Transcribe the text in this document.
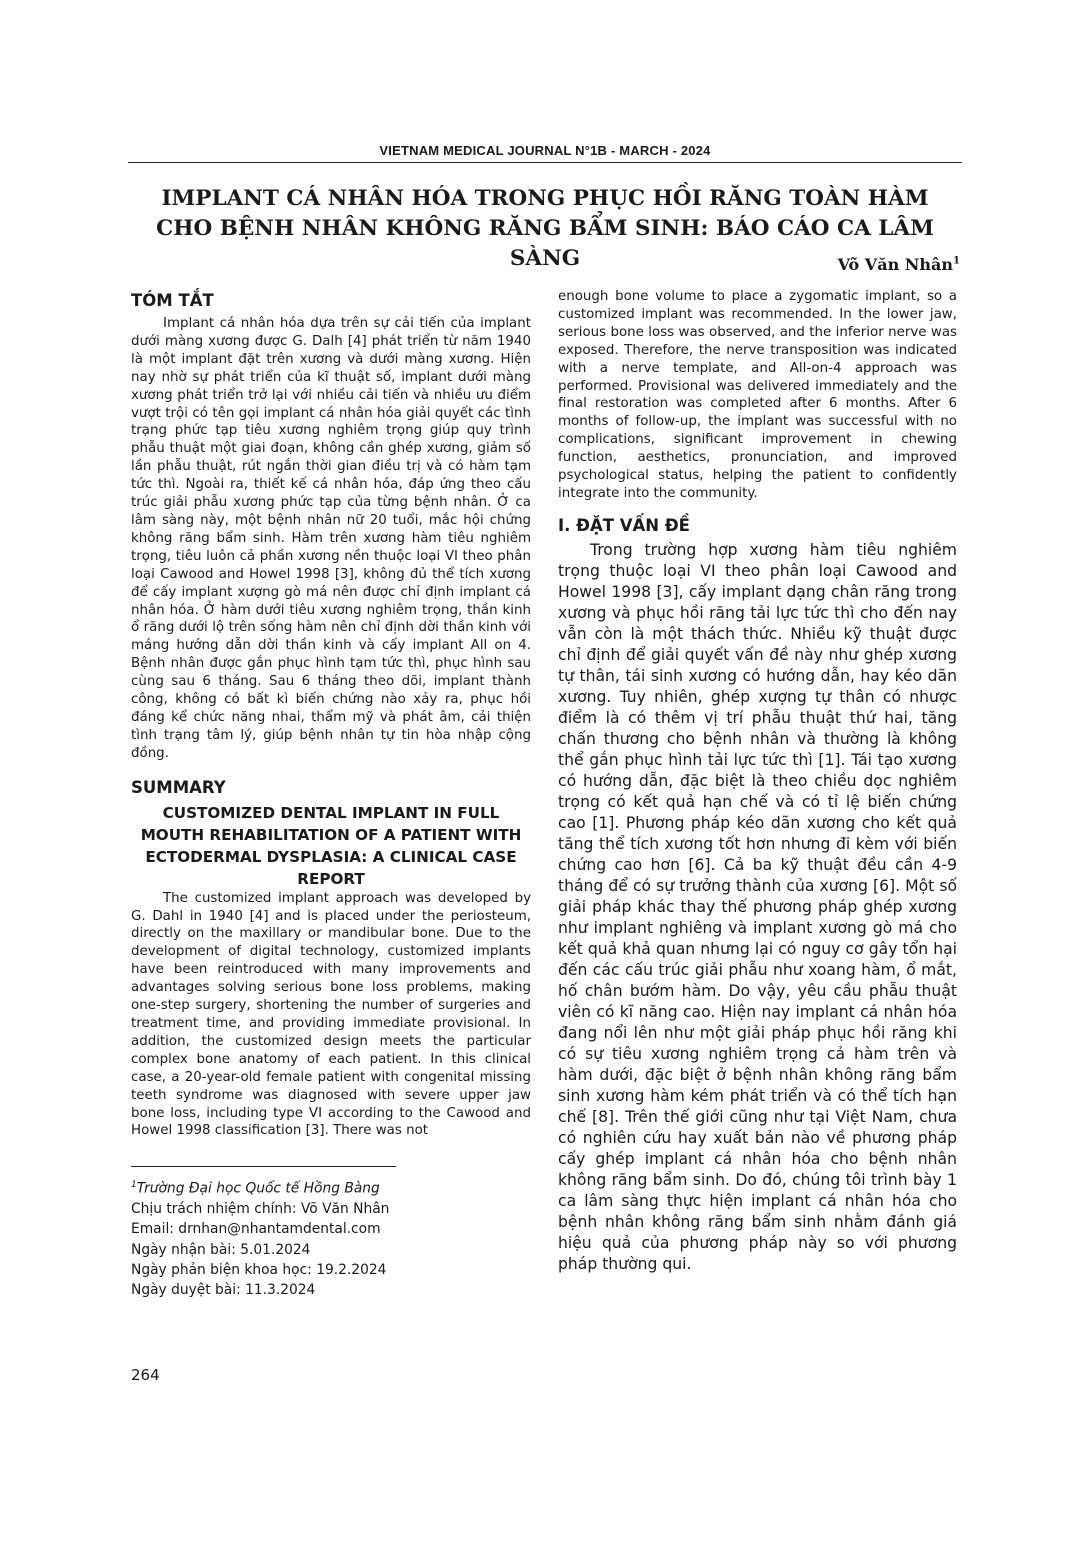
VIETNAM MEDICAL JOURNAL N°1B - MARCH - 2024
IMPLANT CÁ NHÂN HÓA TRONG PHỤC HỒI RĂNG TOÀN HÀM
CHO BỆNH NHÂN KHÔNG RĂNG BẨM SINH: BÁO CÁO CA LÂM SÀNG	Võ Văn Nhân$^1$
TÓM TẮT

Implant cá nhân hóa dựa trên sự cải tiến của implant dưới màng xương được G. Dalh [4] phát triển từ năm 1940 là một implant đặt trên xương và dưới màng xương. Hiện nay nhờ sự phát triển của kĩ thuật số, implant dưới màng xương phát triển trở lại với nhiều cải tiến và nhiều ưu điểm vượt trội có tên gọi implant cá nhân hóa giải quyết các tình trạng phức tạp tiêu xương nghiêm trọng giúp quy trình phẫu thuật một giai đoạn, không cần ghép xương, giảm số lần phẫu thuật, rút ngắn thời gian điều trị và có hàm tạm tức thì. Ngoài ra, thiết kế cá nhân hóa, đáp ứng theo cấu trúc giải phẫu xương phức tạp của từng bệnh nhân. Ở ca lâm sàng này, một bệnh nhân nữ 20 tuổi, mắc hội chứng không răng bẩm sinh. Hàm trên xương hàm tiêu nghiêm trọng, tiêu luôn cả phần xương nền thuộc loại VI theo phân loại Cawood and Howel 1998 [3], không đủ thể tích xương để cấy implant xượng gò má nên được chỉ định implant cá nhân hóa. Ở hàm dưới tiêu xương nghiêm trọng, thần kinh ổ răng dưới lộ trên sống hàm nên chỉ định dời thần kinh với máng hướng dẫn dời thần kinh và cấy implant All on 4. Bệnh nhân được gắn phục hình tạm tức thì, phục hình sau cùng sau 6 tháng. Sau 6 tháng theo dõi, implant thành công, không có bất kì biến chứng nào xảy ra, phục hồi đáng kể chức năng nhai, thẩm mỹ và phát âm, cải thiện tình trạng tâm lý, giúp bệnh nhân tự tin hòa nhập cộng đồng.

SUMMARY

CUSTOMIZED DENTAL IMPLANT IN FULL MOUTH REHABILITATION OF A PATIENT WITH ECTODERMAL DYSPLASIA: A CLINICAL CASE REPORT

The customized implant approach was developed by G. Dahl in 1940 [4] and is placed under the periosteum, directly on the maxillary or mandibular bone. Due to the development of digital technology, customized implants have been reintroduced with many improvements and advantages solving serious bone loss problems, making one-step surgery, shortening the number of surgeries and treatment time, and providing immediate provisional. In addition, the customized design meets the particular complex bone anatomy of each patient. In this clinical case, a 20-year-old female patient with congenital missing teeth syndrome was diagnosed with severe upper jaw bone loss, including type VI according to the Cawood and Howel 1998 classification [3]. There was not

$^1$Trường Đại học Quốc tế Hồng Bàng

Chịu trách nhiệm chính: Võ Văn Nhân

Email: drnhan@nhantamdental.com

Ngày nhận bài: 5.01.2024

Ngày phản biện khoa học: 19.2.2024

Ngày duyệt bài: 11.3.2024

enough bone volume to place a zygomatic implant, so a customized implant was recommended. In the lower jaw, serious bone loss was observed, and the inferior nerve was exposed. Therefore, the nerve transposition was indicated with a nerve template, and All-on-4 approach was performed. Provisional was delivered immediately and the final restoration was completed after 6 months. After 6 months of follow-up, the implant was successful with no complications, significant improvement in chewing function, aesthetics, pronunciation, and improved psychological status, helping the patient to confidently integrate into the community.

I. ĐẶT VẤN ĐỀ

Trong trường hợp xương hàm tiêu nghiêm trọng thuộc loại VI theo phân loại Cawood and Howel 1998 [3], cấy implant dạng chân răng trong xương và phục hồi răng tải lực tức thì cho đến nay vẫn còn là một thách thức. Nhiều kỹ thuật được chỉ định để giải quyết vấn đề này như ghép xương tự thân, tái sinh xương có hướng dẫn, hay kéo dãn xương. Tuy nhiên, ghép xượng tự thân có nhược điểm là có thêm vị trí phẫu thuật thứ hai, tăng chấn thương cho bệnh nhân và thường là không thể gắn phục hình tải lực tức thì [1]. Tái tạo xương có hướng dẫn, đặc biệt là theo chiều dọc nghiêm trọng có kết quả hạn chế và có tỉ lệ biến chứng cao [1]. Phương pháp kéo dãn xương cho kết quả tăng thể tích xương tốt hơn nhưng đi kèm với biến chứng cao hơn [6]. Cả ba kỹ thuật đều cần 4-9 tháng để có sự trưởng thành của xương [6]. Một số giải pháp khác thay thế phương pháp ghép xương như implant nghiêng và implant xương gò má cho kết quả khả quan nhưng lại có nguy cơ gây tổn hại đến các cấu trúc giải phẫu như xoang hàm, ổ mắt, hố chân bướm hàm. Do vậy, yêu cầu phẫu thuật viên có kĩ năng cao. Hiện nay implant cá nhân hóa đang nổi lên như một giải pháp phục hồi răng khi có sự tiêu xương nghiêm trọng cả hàm trên và hàm dưới, đặc biệt ở bệnh nhân không răng bẩm sinh xương hàm kém phát triển và có thể tích hạn chế [8]. Trên thế giới cũng như tại Việt Nam, chưa có nghiên cứu hay xuất bản nào về phương pháp cấy ghép implant cá nhân hóa cho bệnh nhân không răng bẩm sinh. Do đó, chúng tôi trình bày 1 ca lâm sàng thực hiện implant cá nhân hóa cho bệnh nhân không răng bẩm sinh nhằm đánh giá hiệu quả của phương pháp này so với phương pháp thường qui.

264
